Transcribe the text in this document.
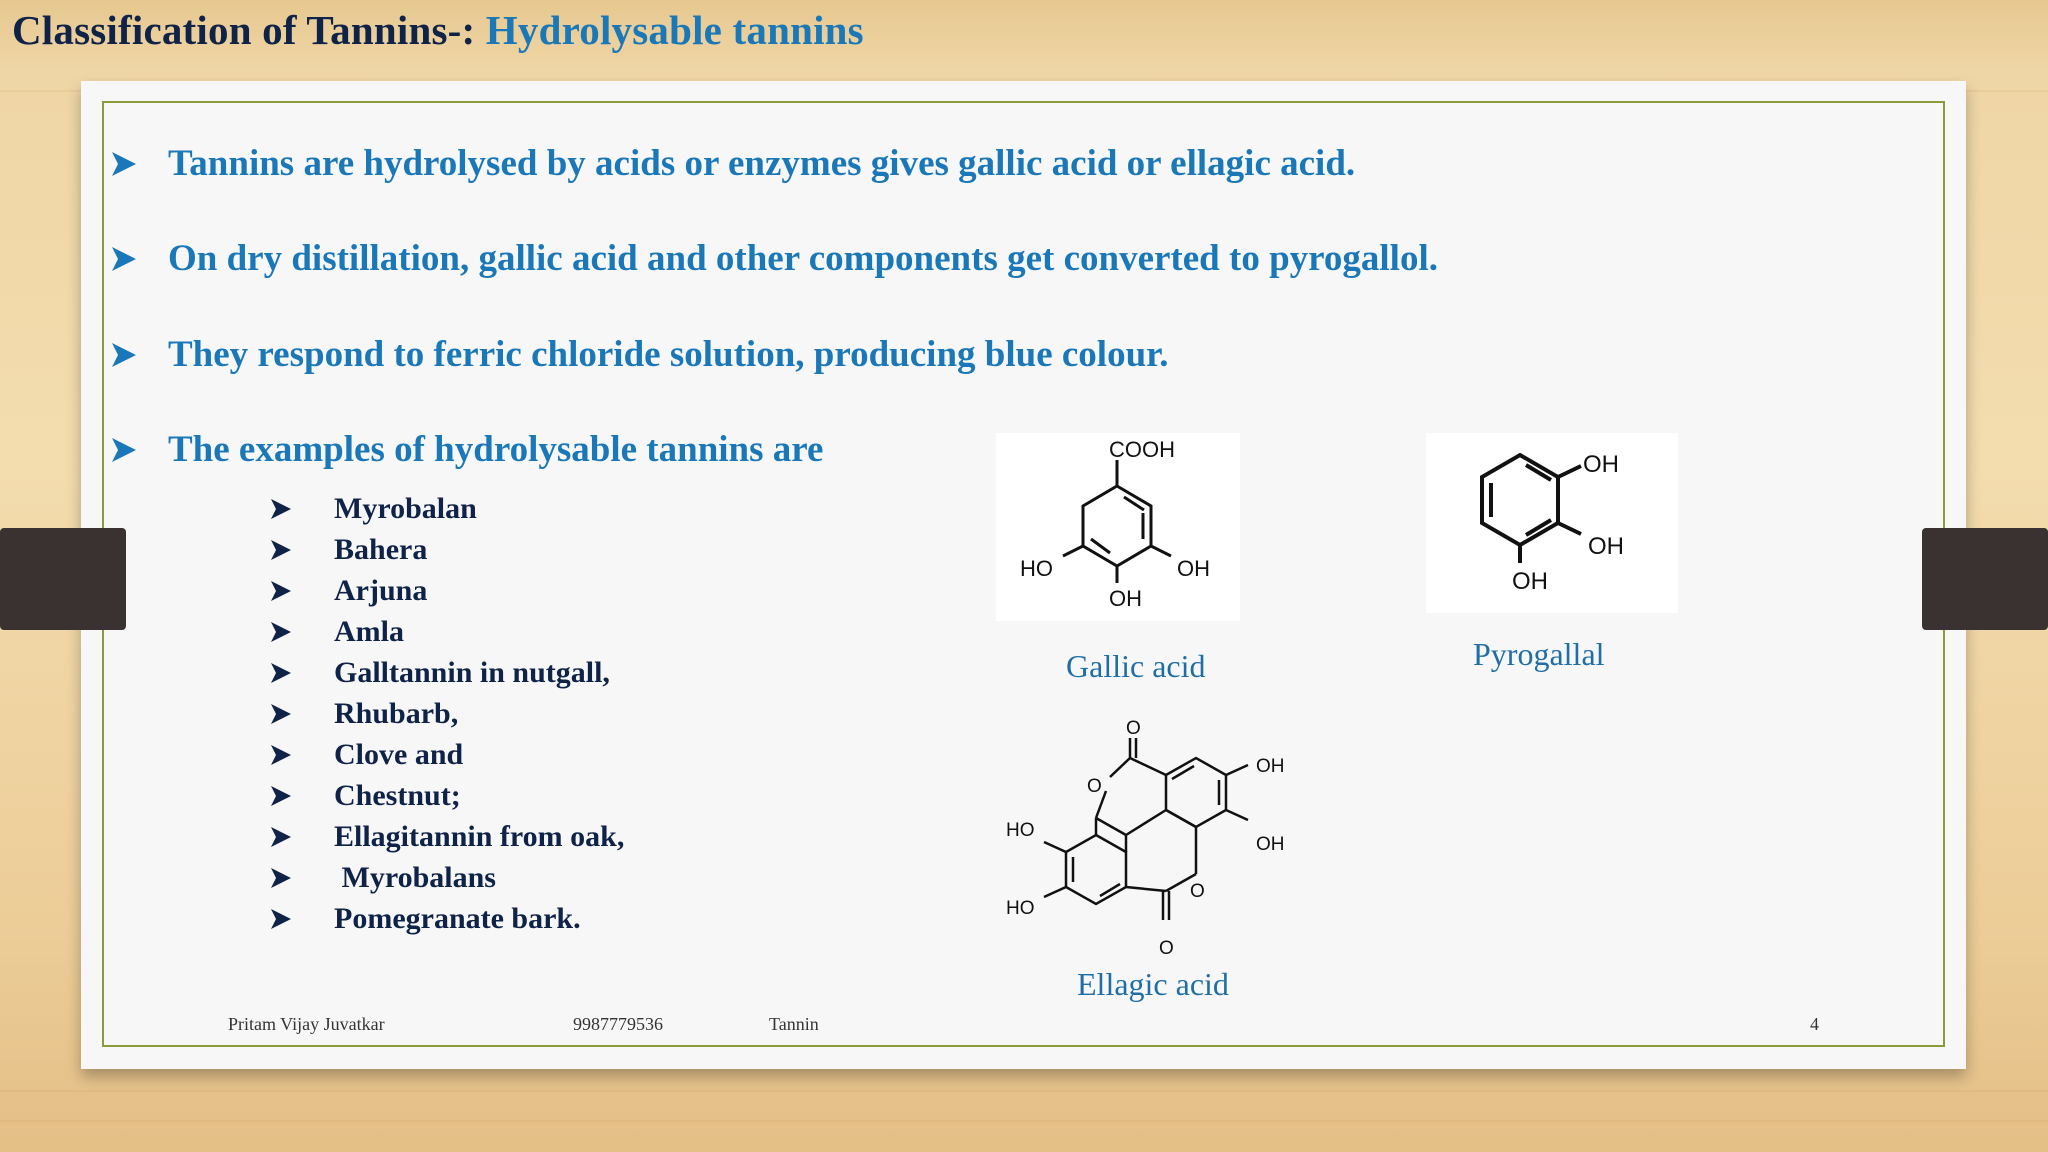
Classification of Tannins-: Hydrolysable tannins
Tannins are hydrolysed by acids or enzymes gives gallic acid or ellagic acid.
On dry distillation, gallic acid and other components get converted to pyrogallol.
They respond to ferric chloride solution, producing blue colour.
The examples of hydrolysable tannins are
Myrobalan
Bahera
Arjuna
Amla
Galltannin in nutgall,
Rhubarb,
Clove and
Chestnut;
Ellagitannin from oak,
Myrobalans
Pomegranate bark.
COOH
HO	OH
OH
Gallic acid
OH
OH
OH
Pyrogallal
O
O
O
O
OH
OH
HO
HO
Ellagic acid
Pritam Vijay Juvatkar	9987779536	Tannin	4
